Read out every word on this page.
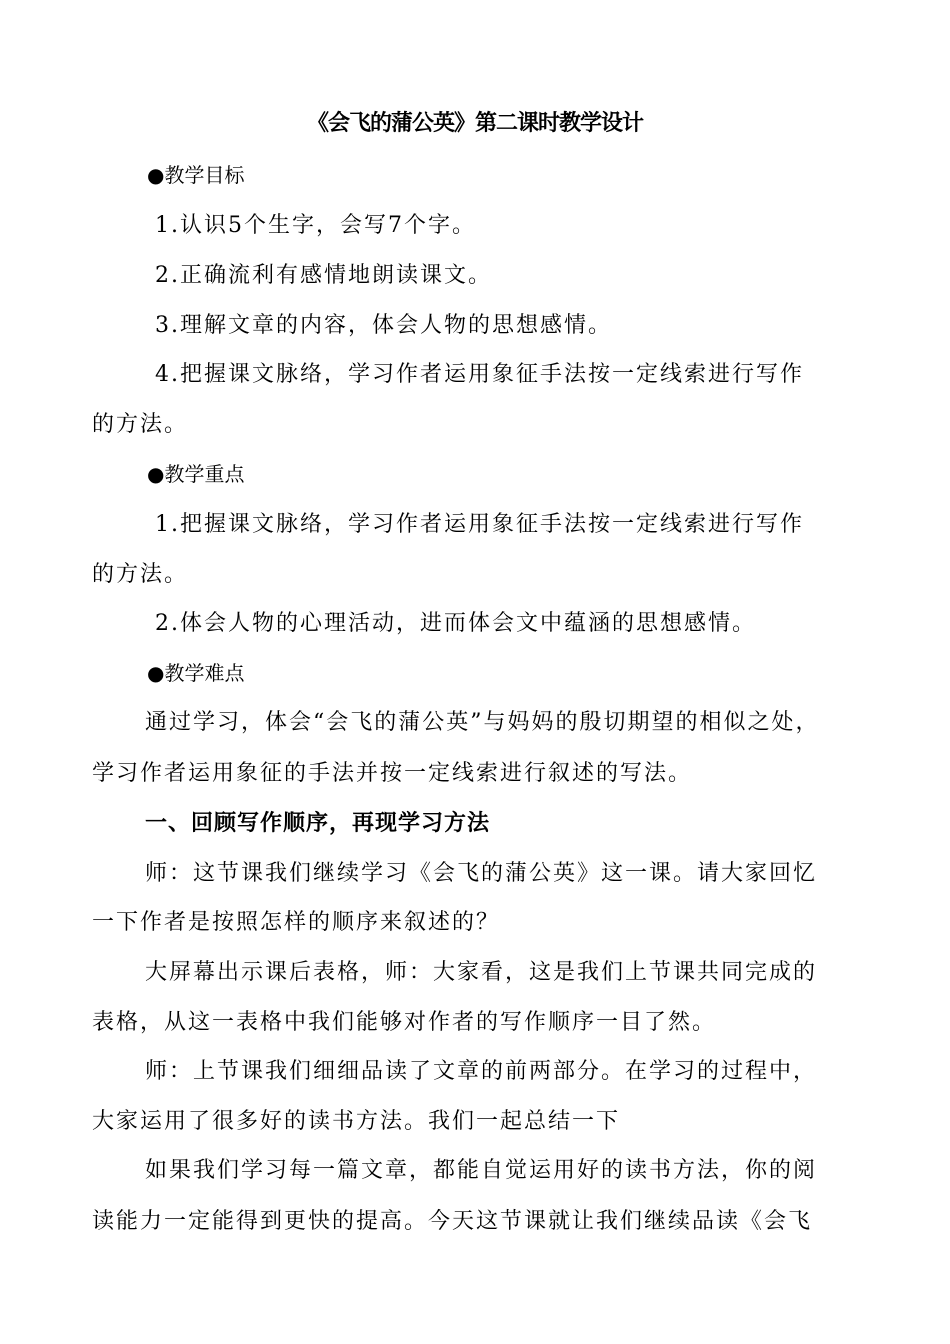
《会飞的蒲公英》第二课时教学设计

●教学目标

1.认识5个生字，会写7个字。

2.正确流利有感情地朗读课文。

3.理解文章的内容，体会人物的思想感情。

4.把握课文脉络，学习作者运用象征手法按一定线索进行写作

的方法。

●教学重点

1.把握课文脉络，学习作者运用象征手法按一定线索进行写作

的方法。

2.体会人物的心理活动，进而体会文中蕴涵的思想感情。

●教学难点

通过学习，体会“会飞的蒲公英”与妈妈的殷切期望的相似之处，

学习作者运用象征的手法并按一定线索进行叙述的写法。

一、回顾写作顺序，再现学习方法

师：这节课我们继续学习《会飞的蒲公英》这一课。请大家回忆

一下作者是按照怎样的顺序来叙述的？

大屏幕出示课后表格，师：大家看，这是我们上节课共同完成的

表格，从这一表格中我们能够对作者的写作顺序一目了然。

师：上节课我们细细品读了文章的前两部分。在学习的过程中，

大家运用了很多好的读书方法。我们一起总结一下

如果我们学习每一篇文章，都能自觉运用好的读书方法，你的阅

读能力一定能得到更快的提高。今天这节课就让我们继续品读《会飞
